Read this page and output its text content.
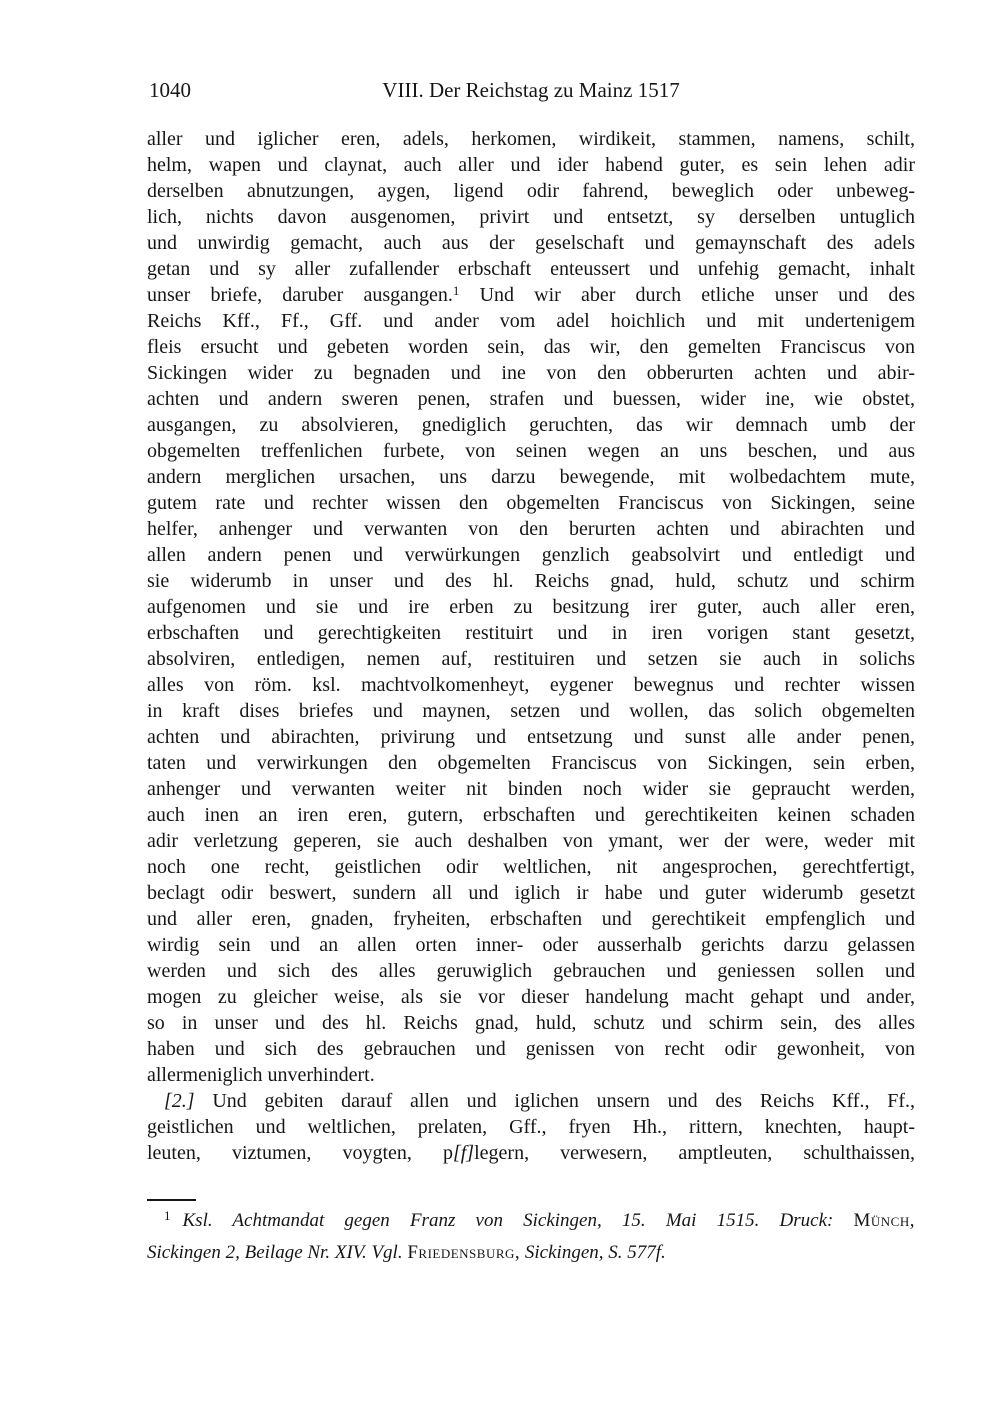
1040	VIII. Der Reichstag zu Mainz 1517
aller und iglicher eren, adels, herkomen, wirdikeit, stammen, namens, schilt,
helm, wapen und claynat, auch aller und ider habend guter, es sein lehen adir
derselben abnutzungen, aygen, ligend odir fahrend, beweglich oder unbeweg-
lich, nichts davon ausgenomen, privirt und entsetzt, sy derselben untuglich
und unwirdig gemacht, auch aus der geselschaft und gemaynschaft des adels
getan und sy aller zufallender erbschaft enteussert und unfehig gemacht, inhalt
unser briefe, daruber ausgangen.$^1$ Und wir aber durch etliche unser und des
Reichs Kff., Ff., Gff. und ander vom adel hoichlich und mit undertenigem
fleis ersucht und gebeten worden sein, das wir, den gemelten Franciscus von
Sickingen wider zu begnaden und ine von den obberurten achten und abir-
achten und andern sweren penen, strafen und buessen, wider ine, wie obstet,
ausgangen, zu absolvieren, gnediglich geruchten, das wir demnach umb der
obgemelten treffenlichen furbete, von seinen wegen an uns beschen, und aus
andern merglichen ursachen, uns darzu bewegende, mit wolbedachtem mute,
gutem rate und rechter wissen den obgemelten Franciscus von Sickingen, seine
helfer, anhenger und verwanten von den berurten achten und abirachten und
allen andern penen und verwürkungen genzlich geabsolvirt und entledigt und
sie widerumb in unser und des hl. Reichs gnad, huld, schutz und schirm
aufgenomen und sie und ire erben zu besitzung irer guter, auch aller eren,
erbschaften und gerechtigkeiten restituirt und in iren vorigen stant gesetzt,
absolviren, entledigen, nemen auf, restituiren und setzen sie auch in solichs
alles von röm. ksl. machtvolkomenheyt, eygener bewegnus und rechter wissen
in kraft dises briefes und maynen, setzen und wollen, das solich obgemelten
achten und abirachten, privirung und entsetzung und sunst alle ander penen,
taten und verwirkungen den obgemelten Franciscus von Sickingen, sein erben,
anhenger und verwanten weiter nit binden noch wider sie gepraucht werden,
auch inen an iren eren, gutern, erbschaften und gerechtikeiten keinen schaden
adir verletzung geperen, sie auch deshalben von ymant, wer der were, weder mit
noch one recht, geistlichen odir weltlichen, nit angesprochen, gerechtfertigt,
beclagt odir beswert, sundern all und iglich ir habe und guter widerumb gesetzt
und aller eren, gnaden, fryheiten, erbschaften und gerechtikeit empfenglich und
wirdig sein und an allen orten inner- oder ausserhalb gerichts darzu gelassen
werden und sich des alles geruwiglich gebrauchen und geniessen sollen und
mogen zu gleicher weise, als sie vor dieser handelung macht gehapt und ander,
so in unser und des hl. Reichs gnad, huld, schutz und schirm sein, des alles
haben und sich des gebrauchen und genissen von recht odir gewonheit, von
allermeniglich unverhindert.
[2.] Und gebiten darauf allen und iglichen unsern und des Reichs Kff., Ff.,
geistlichen und weltlichen, prelaten, Gff., fryen Hh., rittern, knechten, haupt-
leuten, viztumen, voygten, p[f]legern, verwesern, amptleuten, schulthaissen,
$^1$ Ksl. Achtmandat gegen Franz von Sickingen, 15. Mai 1515. Druck: Münch,
Sickingen 2, Beilage Nr. XIV. Vgl. Friedensburg, Sickingen, S. 577f.
